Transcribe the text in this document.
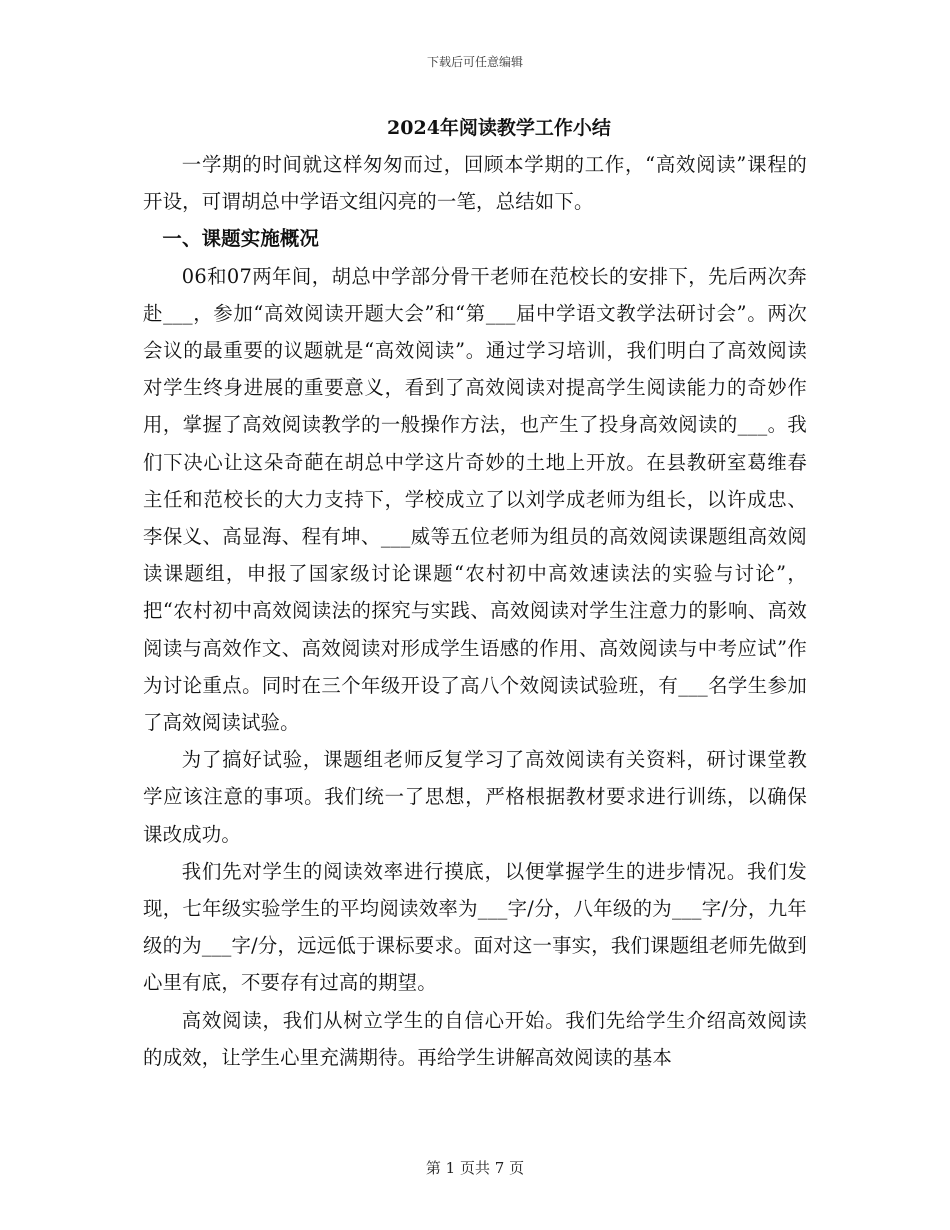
下载后可任意编辑
2024年阅读教学工作小结

一学期的时间就这样匆匆而过，回顾本学期的工作，“高效阅读”课程的开设，可谓胡总中学语文组闪亮的一笔，总结如下。

一、课题实施概况

06和07两年间，胡总中学部分骨干老师在范校长的安排下，先后两次奔赴___，参加“高效阅读开题大会”和“第___届中学语文教学法研讨会”。两次会议的最重要的议题就是“高效阅读”。通过学习培训，我们明白了高效阅读对学生终身进展的重要意义，看到了高效阅读对提高学生阅读能力的奇妙作用，掌握了高效阅读教学的一般操作方法，也产生了投身高效阅读的___。我们下决心让这朵奇葩在胡总中学这片奇妙的土地上开放。在县教研室葛维春主任和范校长的大力支持下，学校成立了以刘学成老师为组长，以许成忠、李保义、高显海、程有坤、___威等五位老师为组员的高效阅读课题组高效阅读课题组，申报了国家级讨论课题“农村初中高效速读法的实验与讨论”，把“农村初中高效阅读法的探究与实践、高效阅读对学生注意力的影响、高效阅读与高效作文、高效阅读对形成学生语感的作用、高效阅读与中考应试”作为讨论重点。同时在三个年级开设了高八个效阅读试验班，有___名学生参加了高效阅读试验。

为了搞好试验，课题组老师反复学习了高效阅读有关资料，研讨课堂教学应该注意的事项。我们统一了思想，严格根据教材要求进行训练，以确保课改成功。

我们先对学生的阅读效率进行摸底，以便掌握学生的进步情况。我们发现，七年级实验学生的平均阅读效率为___字/分，八年级的为___字/分，九年级的为___字/分，远远低于课标要求。面对这一事实，我们课题组老师先做到心里有底，不要存有过高的期望。

高效阅读，我们从树立学生的自信心开始。我们先给学生介绍高效阅读的成效，让学生心里充满期待。再给学生讲解高效阅读的基本

第 1 页共 7 页
